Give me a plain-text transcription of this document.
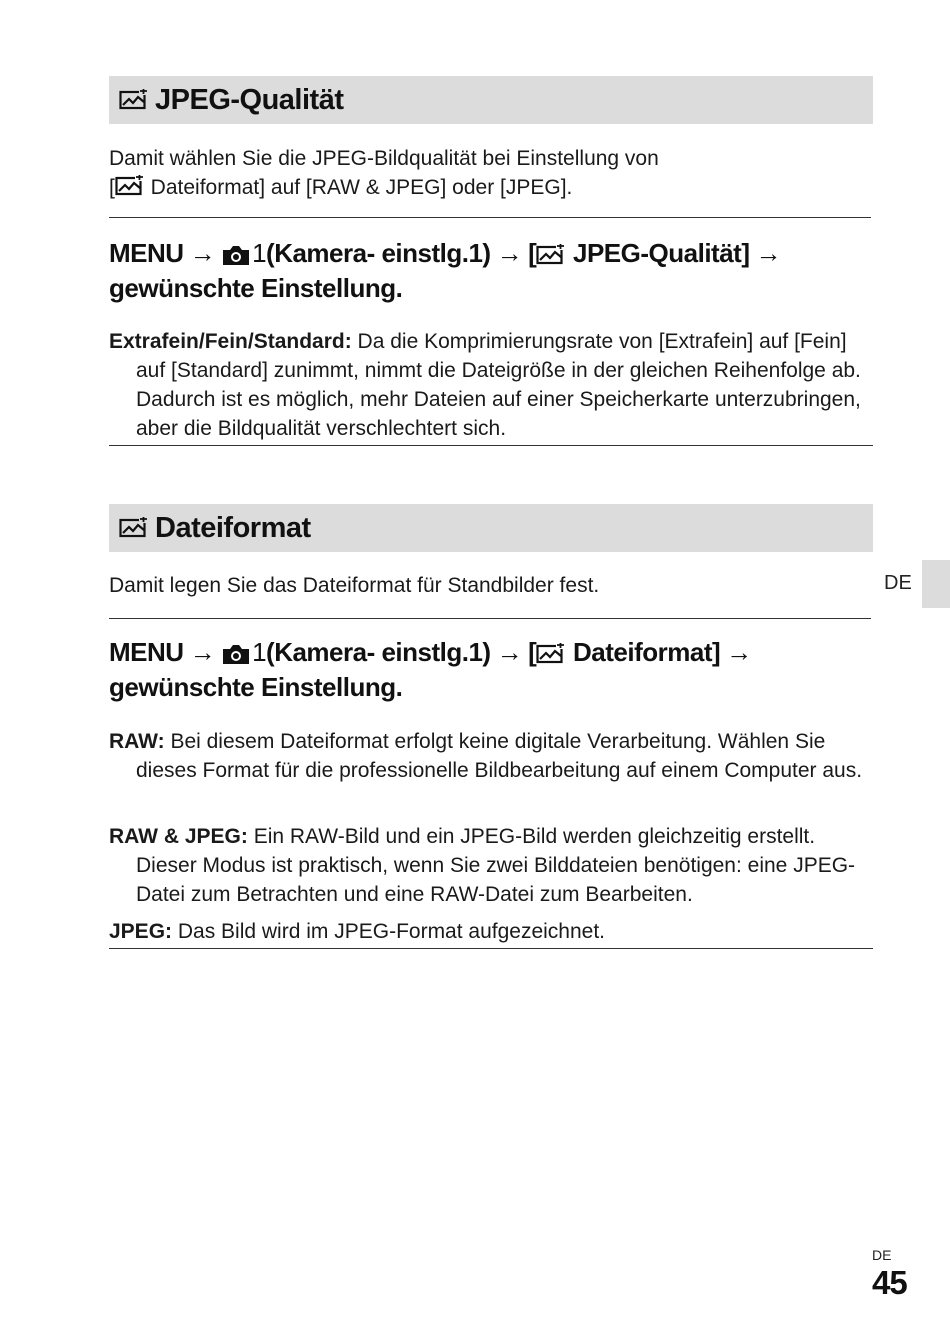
JPEG-Qualität
Damit wählen Sie die JPEG-Bildqualität bei Einstellung von
[ Dateiformat] auf [RAW & JPEG] oder [JPEG].
MENU → 1(Kamera- einstlg.1) → [ JPEG-Qualität] →
gewünschte Einstellung.
Extrafein/Fein/Standard: Da die Komprimierungsrate von [Extrafein] auf [Fein] auf [Standard] zunimmt, nimmt die Dateigröße in der gleichen Reihenfolge ab. Dadurch ist es möglich, mehr Dateien auf einer Speicherkarte unterzubringen, aber die Bildqualität verschlechtert sich.
Dateiformat
Damit legen Sie das Dateiformat für Standbilder fest.
MENU → 1(Kamera- einstlg.1) → [ Dateiformat] →
gewünschte Einstellung.
RAW: Bei diesem Dateiformat erfolgt keine digitale Verarbeitung. Wählen Sie dieses Format für die professionelle Bildbearbeitung auf einem Computer aus.
RAW & JPEG: Ein RAW-Bild und ein JPEG-Bild werden gleichzeitig erstellt. Dieser Modus ist praktisch, wenn Sie zwei Bilddateien benötigen: eine JPEG-Datei zum Betrachten und eine RAW-Datei zum Bearbeiten.
JPEG: Das Bild wird im JPEG-Format aufgezeichnet.
DE
DE
45
